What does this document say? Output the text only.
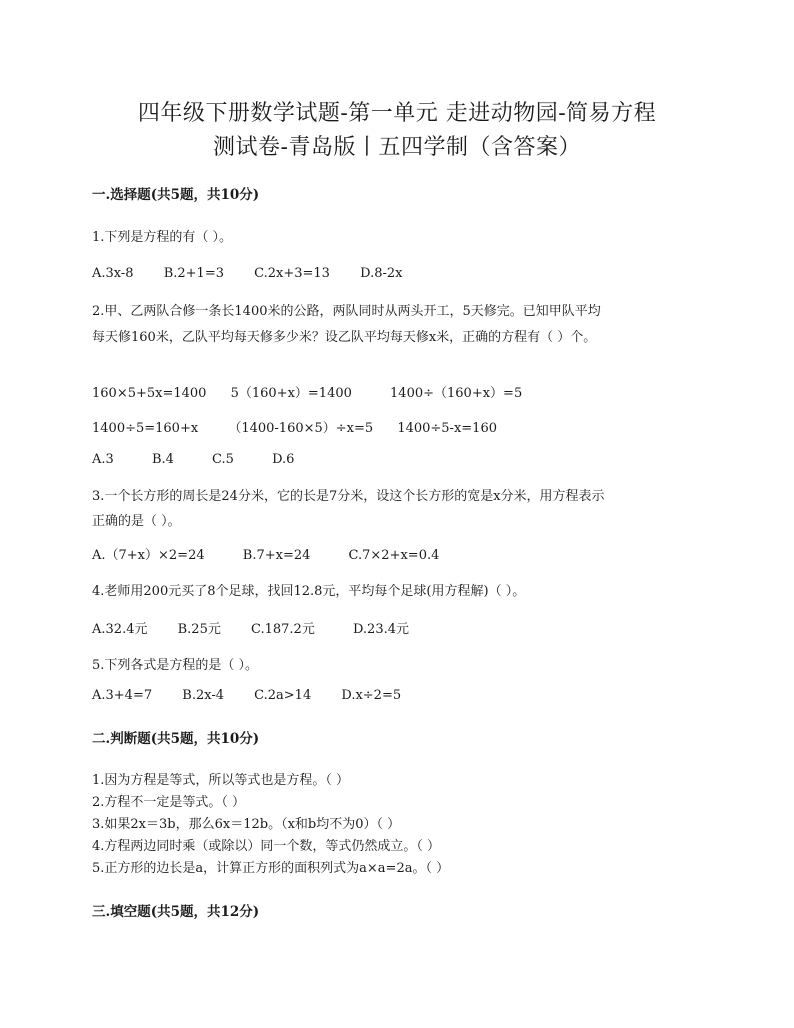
四年级下册数学试题-第一单元 走进动物园-简易方程
测试卷-青岛版丨五四学制（含答案）
一.选择题(共5题，共10分)
1.下列是方程的有（ ）。
A.3x-8 B.2+1=3 C.2x+3=13 D.8-2x
2.甲、乙两队合修一条长1400米的公路，两队同时从两头开工，5天修完。已知甲队平均
每天修160米，乙队平均每天修多少米？设乙队平均每天修x米，正确的方程有（ ）个。
160×5+5x=1400 5（160+x）=1400	1400÷（160+x）=5
1400÷5=160+x （1400-160×5）÷x=5 1400÷5-x=160
A.3	B.4	C.5	D.6
3.一个长方形的周长是24分米，它的长是7分米，设这个长方形的宽是x分米，用方程表示
正确的是（ ）。
A.（7+x）×2=24	B.7+x=24	C.7×2+x=0.4
4.老师用200元买了8个足球，找回12.8元，平均每个足球(用方程解)（ ）。
A.32.4元 B.25元 C.187.2元	D.23.4元
5.下列各式是方程的是（ ）。
A.3+4=7 B.2x-4 C.2a>14 D.x÷2=5
二.判断题(共5题，共10分)
1.因为方程是等式，所以等式也是方程。（ ）
2.方程不一定是等式。（ ）
3.如果2x＝3b，那么6x＝12b。（x和b均不为0）（ ）
4.方程两边同时乘（或除以）同一个数，等式仍然成立。（ ）
5.正方形的边长是a，计算正方形的面积列式为a×a=2a。（ ）
三.填空题(共5题，共12分)
